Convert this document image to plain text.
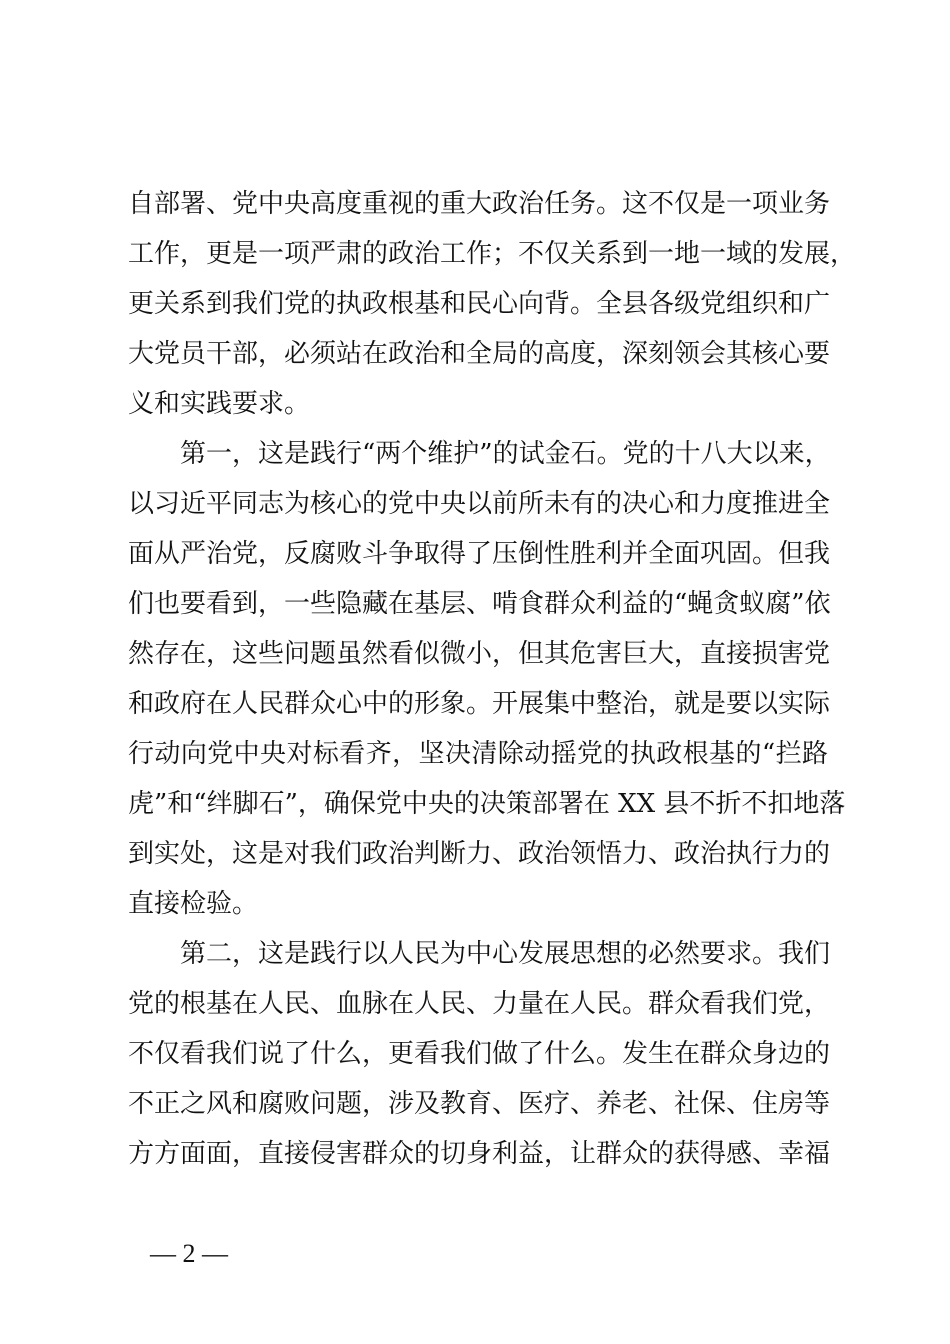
自部署、党中央高度重视的重大政治任务。这不仅是一项业务
工作，更是一项严肃的政治工作；不仅关系到一地一域的发展，
更关系到我们党的执政根基和民心向背。全县各级党组织和广
大党员干部，必须站在政治和全局的高度，深刻领会其核心要
义和实践要求。
第一，这是践行“两个维护”的试金石。党的十八大以来，
以习近平同志为核心的党中央以前所未有的决心和力度推进全
面从严治党，反腐败斗争取得了压倒性胜利并全面巩固。但我
们也要看到，一些隐藏在基层、啃食群众利益的“蝇贪蚁腐”依
然存在，这些问题虽然看似微小，但其危害巨大，直接损害党
和政府在人民群众心中的形象。开展集中整治，就是要以实际
行动向党中央对标看齐，坚决清除动摇党的执政根基的“拦路
虎”和“绊脚石”，确保党中央的决策部署在 XX 县不折不扣地落
到实处，这是对我们政治判断力、政治领悟力、政治执行力的
直接检验。
第二，这是践行以人民为中心发展思想的必然要求。我们
党的根基在人民、血脉在人民、力量在人民。群众看我们党，
不仅看我们说了什么，更看我们做了什么。发生在群众身边的
不正之风和腐败问题，涉及教育、医疗、养老、社保、住房等
方方面面，直接侵害群众的切身利益，让群众的获得感、幸福
— 2 —
